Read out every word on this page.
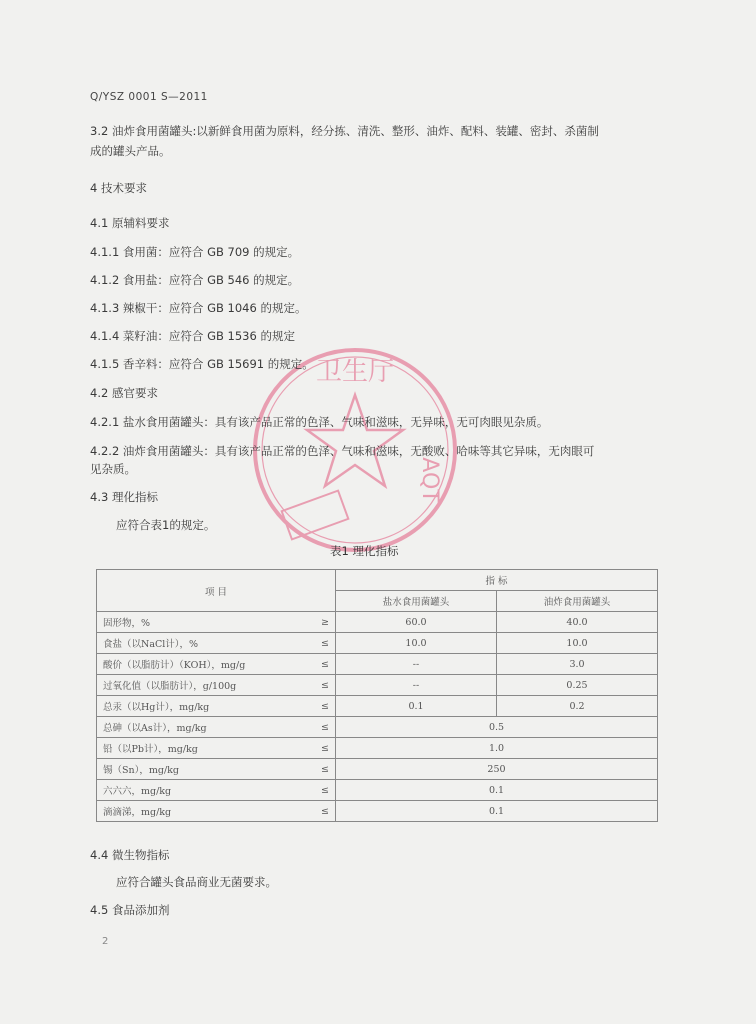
卫生厅
AQT
Q/YSZ 0001 S—2011
3.2 油炸食用菌罐头:以新鲜食用菌为原料，经分拣、清洗、整形、油炸、配料、装罐、密封、杀菌制
成的罐头产品。
4 技术要求
4.1 原辅料要求
4.1.1 食用菌：应符合 GB 709 的规定。
4.1.2 食用盐：应符合 GB 546 的规定。
4.1.3 辣椒干：应符合 GB 1046 的规定。
4.1.4 菜籽油：应符合 GB 1536 的规定
4.1.5 香辛料：应符合 GB 15691 的规定。
4.2 感官要求
4.2.1 盐水食用菌罐头：具有该产品正常的色泽、气味和滋味，无异味，无可肉眼见杂质。
4.2.2 油炸食用菌罐头：具有该产品正常的色泽、气味和滋味，无酸败、哈味等其它异味，无肉眼可
见杂质。
4.3 理化指标
应符合表1的规定。
表1 理化指标
项 目		指 标	
		盐水食用菌罐头	油炸食用菌罐头
固形物，%	≥	60.0	40.0
食盐（以NaCl计），%	≤	10.0	10.0
酸价（以脂肪计）（KOH），mg/g	≤	--	3.0
过氧化值（以脂肪计），g/100g	≤	--	0.25
总汞（以Hg计），mg/kg	≤	0.1	0.2
总砷（以As计），mg/kg	≤	0.5	
铅（以Pb计），mg/kg	≤	1.0	
锡（Sn），mg/kg	≤	250	
六六六，mg/kg	≤	0.1	
滴滴涕，mg/kg	≤	0.1	
4.4 微生物指标
应符合罐头食品商业无菌要求。
4.5 食品添加剂
2
